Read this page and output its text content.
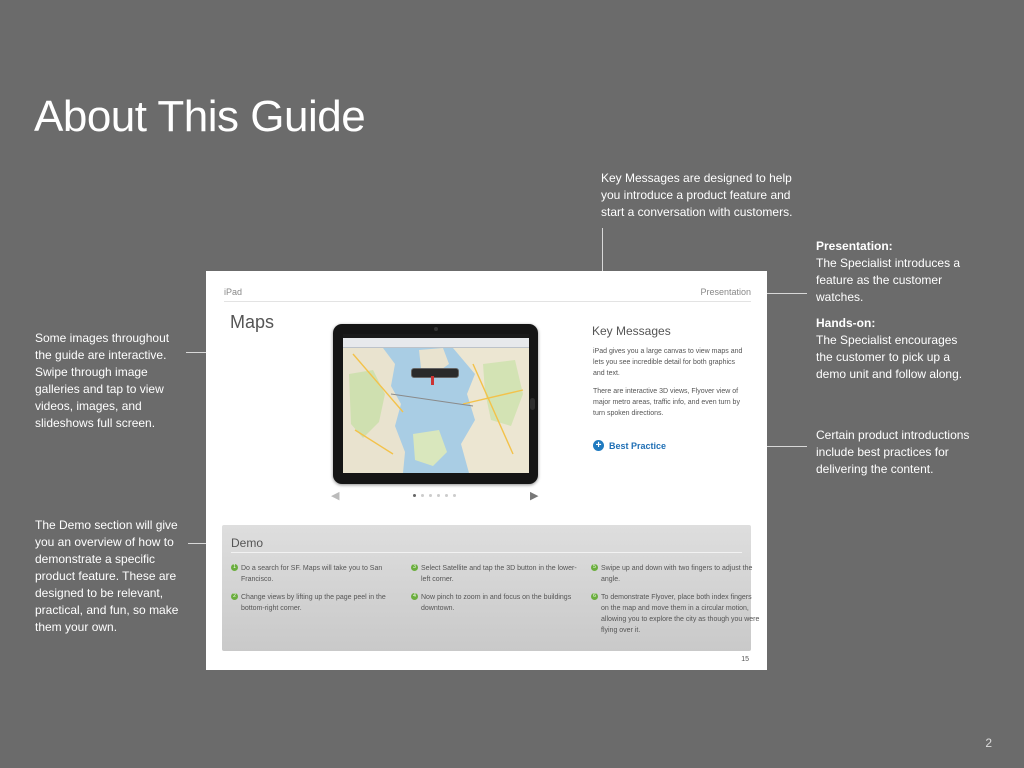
About This Guide
Key Messages are designed to help you introduce a product feature and start a conversation with customers.
Presentation:
The Specialist introduces a feature as the customer watches.
Hands-on:
The Specialist encourages the customer to pick up a demo unit and follow along.
Some images throughout the guide are interactive. Swipe through image galleries and tap to view videos, images, and slideshows full screen.
Certain product introductions include best practices for delivering the content.
The Demo section will give you an overview of how to demonstrate a specific product feature. These are designed to be relevant, practical, and fun, so make them your own.
iPad	Presentation
Maps
◀	▶
Key Messages
iPad gives you a large canvas to view maps and lets you see incredible detail for both graphics and text.
There are interactive 3D views, Flyover view of major metro areas, traffic info, and even turn by turn spoken directions.
+ Best Practice
Demo
1 Do a search for SF. Maps will take you to San Francisco.
2 Change views by lifting up the page peel in the bottom-right corner.
3 Select Satellite and tap the 3D button in the lower-left corner.
4 Now pinch to zoom in and focus on the buildings downtown.
5 Swipe up and down with two fingers to adjust the angle.
6 To demonstrate Flyover, place both index fingers on the map and move them in a circular motion, allowing you to explore the city as though you were flying over it.
15
2
